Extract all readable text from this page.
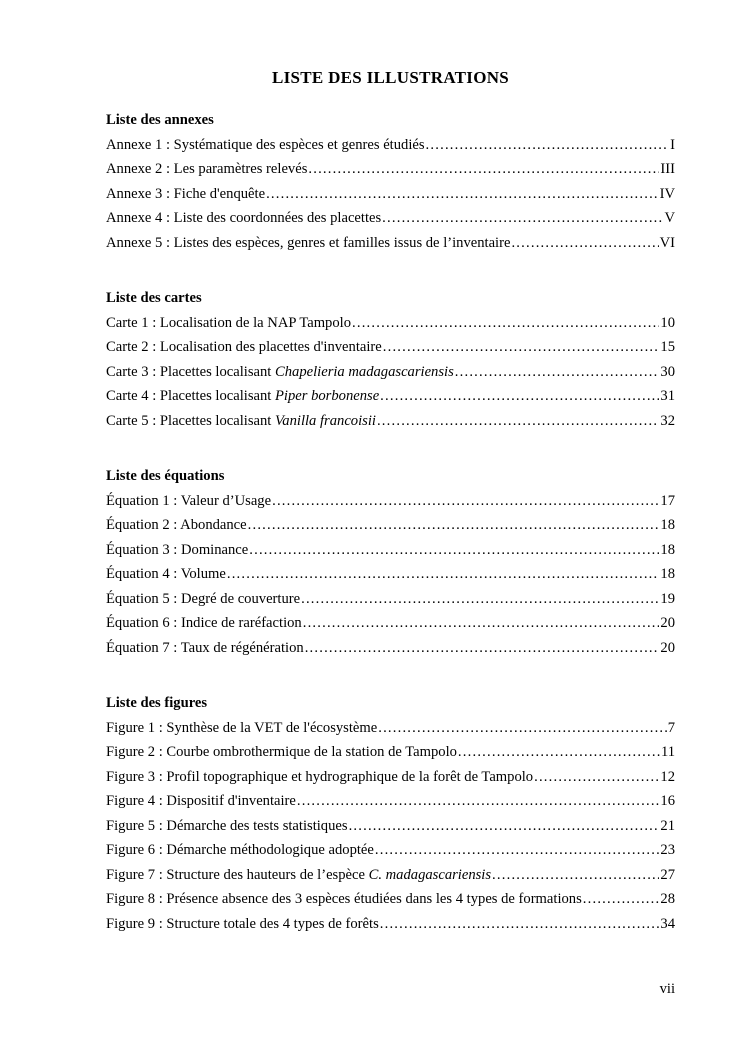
LISTE DES ILLUSTRATIONS

Liste des annexes

Annexe 1 : Systématique des espèces et genres étudiés .....	I
Annexe 2 : Les paramètres relevés .....	III
Annexe 3 : Fiche d'enquête .....	IV
Annexe 4 : Liste des coordonnées des placettes .....	V
Annexe 5 : Listes des espèces, genres et familles issus de l’inventaire .....	VI

Liste des cartes

Carte 1 : Localisation de la NAP Tampolo .....	10
Carte 2 : Localisation des placettes d'inventaire .....	15
Carte 3 : Placettes localisant Chapelieria madagascariensis .....	30
Carte 4 : Placettes localisant Piper borbonense .....	31
Carte 5 : Placettes localisant Vanilla francoisii .....	32

Liste des équations

Équation 1 : Valeur d’Usage .....	17
Équation 2 : Abondance .....	18
Équation 3 : Dominance .....	18
Équation 4 : Volume .....	18
Équation 5 : Degré de couverture .....	19
Équation 6 : Indice de raréfaction .....	20
Équation 7 : Taux de régénération .....	20

Liste des figures

Figure 1 : Synthèse de la VET de l'écosystème .....	7
Figure 2 : Courbe ombrothermique de la station de Tampolo .....	11
Figure 3 : Profil topographique et hydrographique de la forêt de Tampolo .....	12
Figure 4 : Dispositif d'inventaire .....	16
Figure 5 : Démarche des tests statistiques .....	21
Figure 6 : Démarche méthodologique adoptée .....	23
Figure 7 : Structure des hauteurs de l’espèce C. madagascariensis .....	27
Figure 8 : Présence absence des 3 espèces étudiées dans les 4 types de formations .....	28
Figure 9 : Structure totale des 4 types de forêts .....	34
vii
